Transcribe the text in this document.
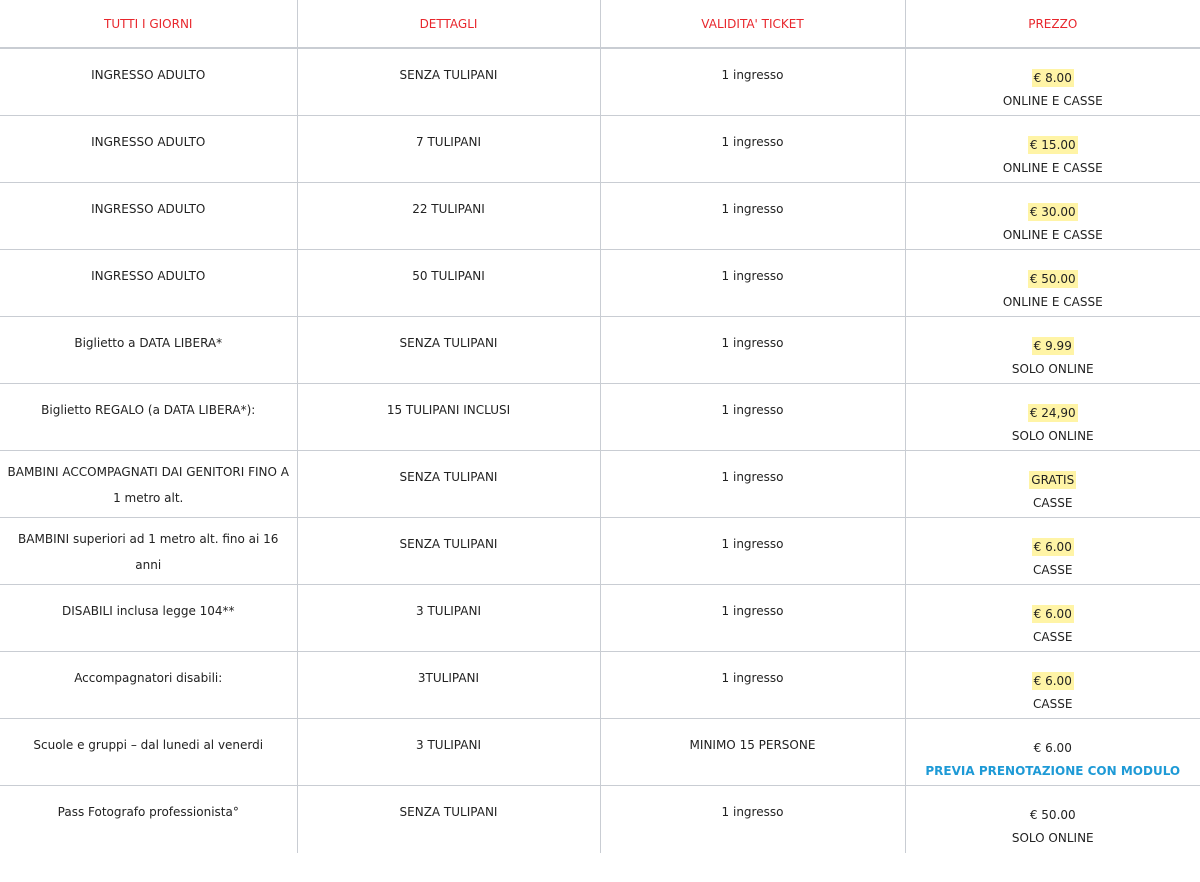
TUTTI I GIORNI	DETTAGLI	VALIDITA' TICKET	PREZZO
INGRESSO ADULTO	SENZA TULIPANI	1 ingresso	€ 8.00
ONLINE E CASSE

INGRESSO ADULTO	7 TULIPANI	1 ingresso	€ 15.00
ONLINE E CASSE

INGRESSO ADULTO	22 TULIPANI	1 ingresso	€ 30.00
ONLINE E CASSE

INGRESSO ADULTO	50 TULIPANI	1 ingresso	€ 50.00
ONLINE E CASSE

Biglietto a DATA LIBERA*	SENZA TULIPANI	1 ingresso	€ 9.99
SOLO ONLINE

Biglietto REGALO (a DATA LIBERA*):	15 TULIPANI INCLUSI	1 ingresso	€ 24,90
SOLO ONLINE

BAMBINI ACCOMPAGNATI DAI GENITORI FINO A 1 metro alt.	SENZA TULIPANI	1 ingresso	GRATIS
CASSE

BAMBINI superiori ad 1 metro alt. fino ai 16 anni	SENZA TULIPANI	1 ingresso	€ 6.00
CASSE

DISABILI inclusa legge 104**	3 TULIPANI	1 ingresso	€ 6.00
CASSE

Accompagnatori disabili:	3TULIPANI	1 ingresso	€ 6.00
CASSE

Scuole e gruppi – dal lunedi al venerdi	3 TULIPANI	MINIMO 15 PERSONE	€ 6.00
PREVIA PRENOTAZIONE CON MODULO

Pass Fotografo professionista°	SENZA TULIPANI	1 ingresso	€ 50.00
SOLO ONLINE
